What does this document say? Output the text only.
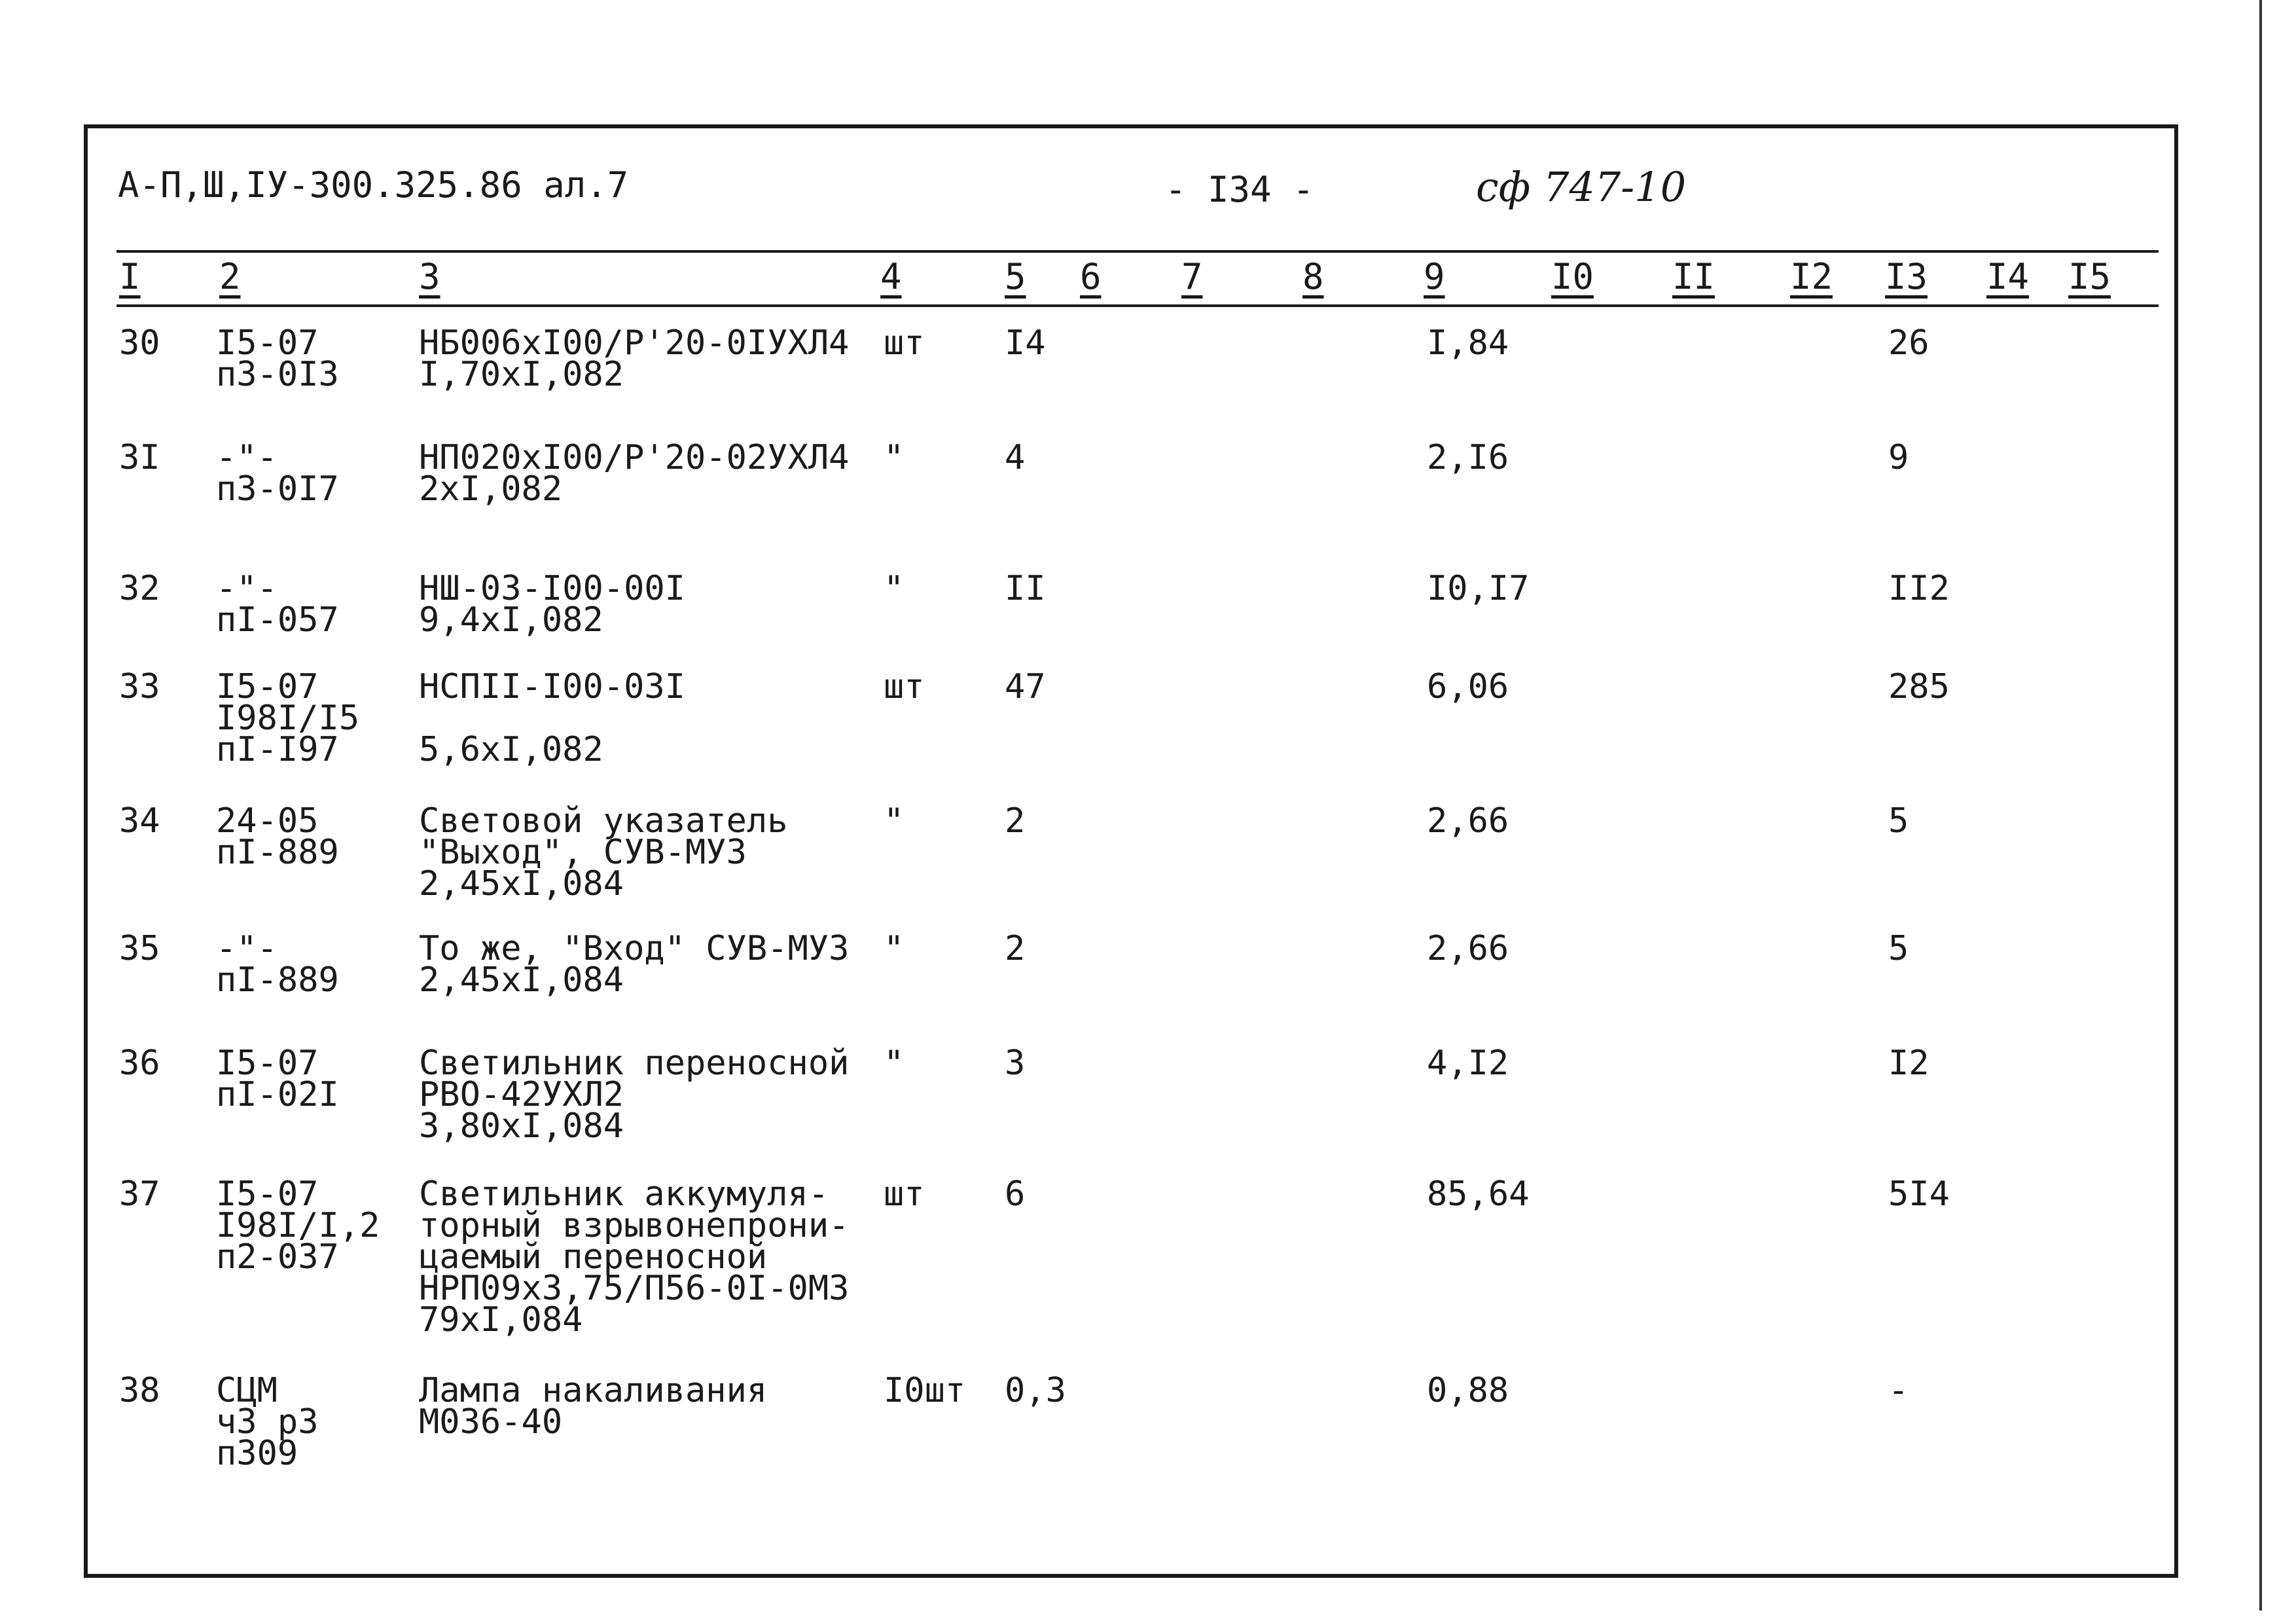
А-П,Ш,IУ-300.325.86 ал.7	- I34 -	сф 747-10
I 2	3	4	5 6 7	8	9	I0 II I2 I3 I4 I5
30 I5-07
п3-0I3
НБ006хI00/Р'20-0IУХЛ4
I,70хI,082
шт I4	I,84	26
3I -"-
п3-0I7
НП020хI00/Р'20-02УХЛ4
2хI,082
"	4	2,I6	9
32 -"-
пI-057
НШ-03-I00-00I
9,4хI,082
"	II	I0,I7	II2
33 I5-07
I98I/I5
пI-I97
НСПII-I00-03I

5,6хI,082
шт 47	6,06	285
34 24-05
пI-889
Световой указатель
"Выход", СУВ-МУЗ
2,45хI,084
"	2	2,66	5
35 -"-
пI-889
То же, "Вход" СУВ-МУЗ
2,45хI,084
"	2	2,66	5
36 I5-07
пI-02I
Светильник переносной
РВО-42УХЛ2
3,80хI,084
"	3	4,I2	I2
37 I5-07
I98I/I,2
п2-037
Светильник аккумуля-
торный взрывонепрони-
цаемый переносной
НРП09х3,75/П56-0I-0МЗ
79хI,084
шт 6	85,64	5I4
38 СЦМ
ч3 р3
п309
Лампа накаливания
М036-40
I0шт 0,3	0,88	-
